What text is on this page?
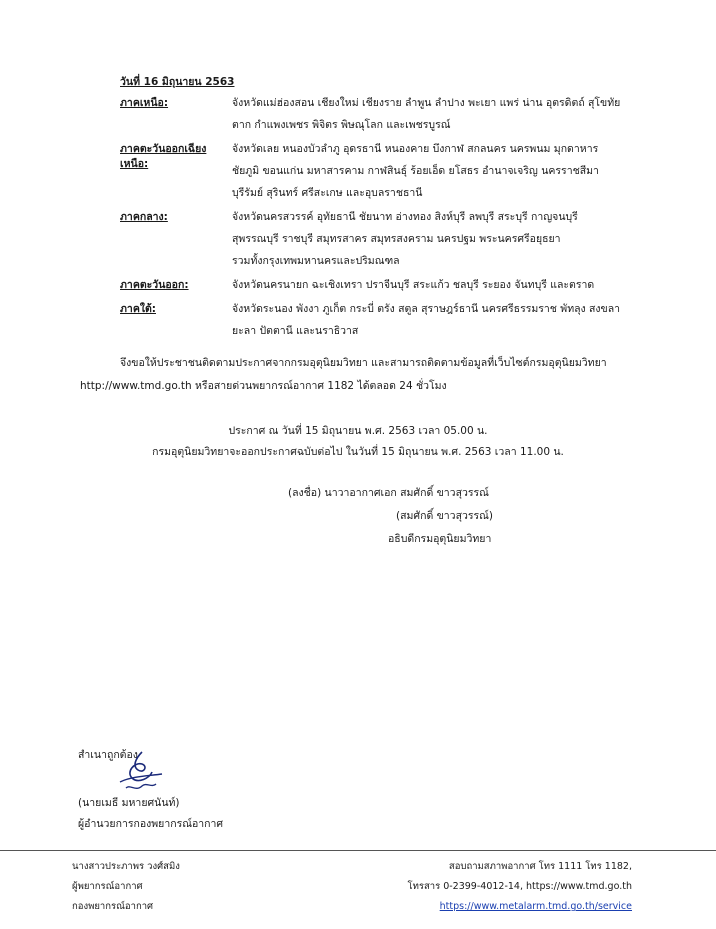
วันที่ 16 มิถุนายน 2563
ภาคเหนือ:	จังหวัดแม่ฮ่องสอน เชียงใหม่ เชียงราย ลำพูน ลำปาง พะเยา แพร่ น่าน อุตรดิตถ์ สุโขทัย
ตาก กำแพงเพชร พิจิตร พิษณุโลก และเพชรบูรณ์
ภาคตะวันออกเฉียงเหนือ:
จังหวัดเลย หนองบัวลำภู อุดรธานี หนองคาย บึงกาฬ สกลนคร นครพนม มุกดาหาร
ชัยภูมิ ขอนแก่น มหาสารคาม กาฬสินธุ์ ร้อยเอ็ด ยโสธร อำนาจเจริญ นครราชสีมา
บุรีรัมย์ สุรินทร์ ศรีสะเกษ และอุบลราชธานี
ภาคกลาง:	จังหวัดนครสวรรค์ อุทัยธานี ชัยนาท อ่างทอง สิงห์บุรี ลพบุรี สระบุรี กาญจนบุรี
สุพรรณบุรี ราชบุรี สมุทรสาคร สมุทรสงคราม นครปฐม พระนครศรีอยุธยา
รวมทั้งกรุงเทพมหานครและปริมณฑล
ภาคตะวันออก:	จังหวัดนครนายก ฉะเชิงเทรา ปราจีนบุรี สระแก้ว ชลบุรี ระยอง จันทบุรี และตราด
ภาคใต้:	จังหวัดระนอง พังงา ภูเก็ต กระบี่ ตรัง สตูล สุราษฎร์ธานี นครศรีธรรมราช พัทลุง สงขลา
ยะลา ปัตตานี และนราธิวาส
จึงขอให้ประชาชนติดตามประกาศจากกรมอุตุนิยมวิทยา และสามารถติดตามข้อมูลที่เว็บไซต์กรมอุตุนิยมวิทยา
http://www.tmd.go.th หรือสายด่วนพยากรณ์อากาศ 1182 ได้ตลอด 24 ชั่วโมง
ประกาศ ณ วันที่ 15 มิถุนายน พ.ศ. 2563 เวลา 05.00 น.
กรมอุตุนิยมวิทยาจะออกประกาศฉบับต่อไป ในวันที่ 15 มิถุนายน พ.ศ. 2563 เวลา 11.00 น.
(ลงชื่อ) นาวาอากาศเอก สมศักดิ์ ขาวสุวรรณ์
(สมศักดิ์ ขาวสุวรรณ์)
อธิบดีกรมอุตุนิยมวิทยา
สำเนาถูกต้อง
(นายเมธี มหายศนันท์)
ผู้อำนวยการกองพยากรณ์อากาศ
นางสาวประภาพร วงศ์สมิง
ผู้พยากรณ์อากาศ
กองพยากรณ์อากาศ
สอบถามสภาพอากาศ โทร 1111 โทร 1182,
โทรสาร 0-2399-4012-14, https://www.tmd.go.th
https://www.metalarm.tmd.go.th/service
